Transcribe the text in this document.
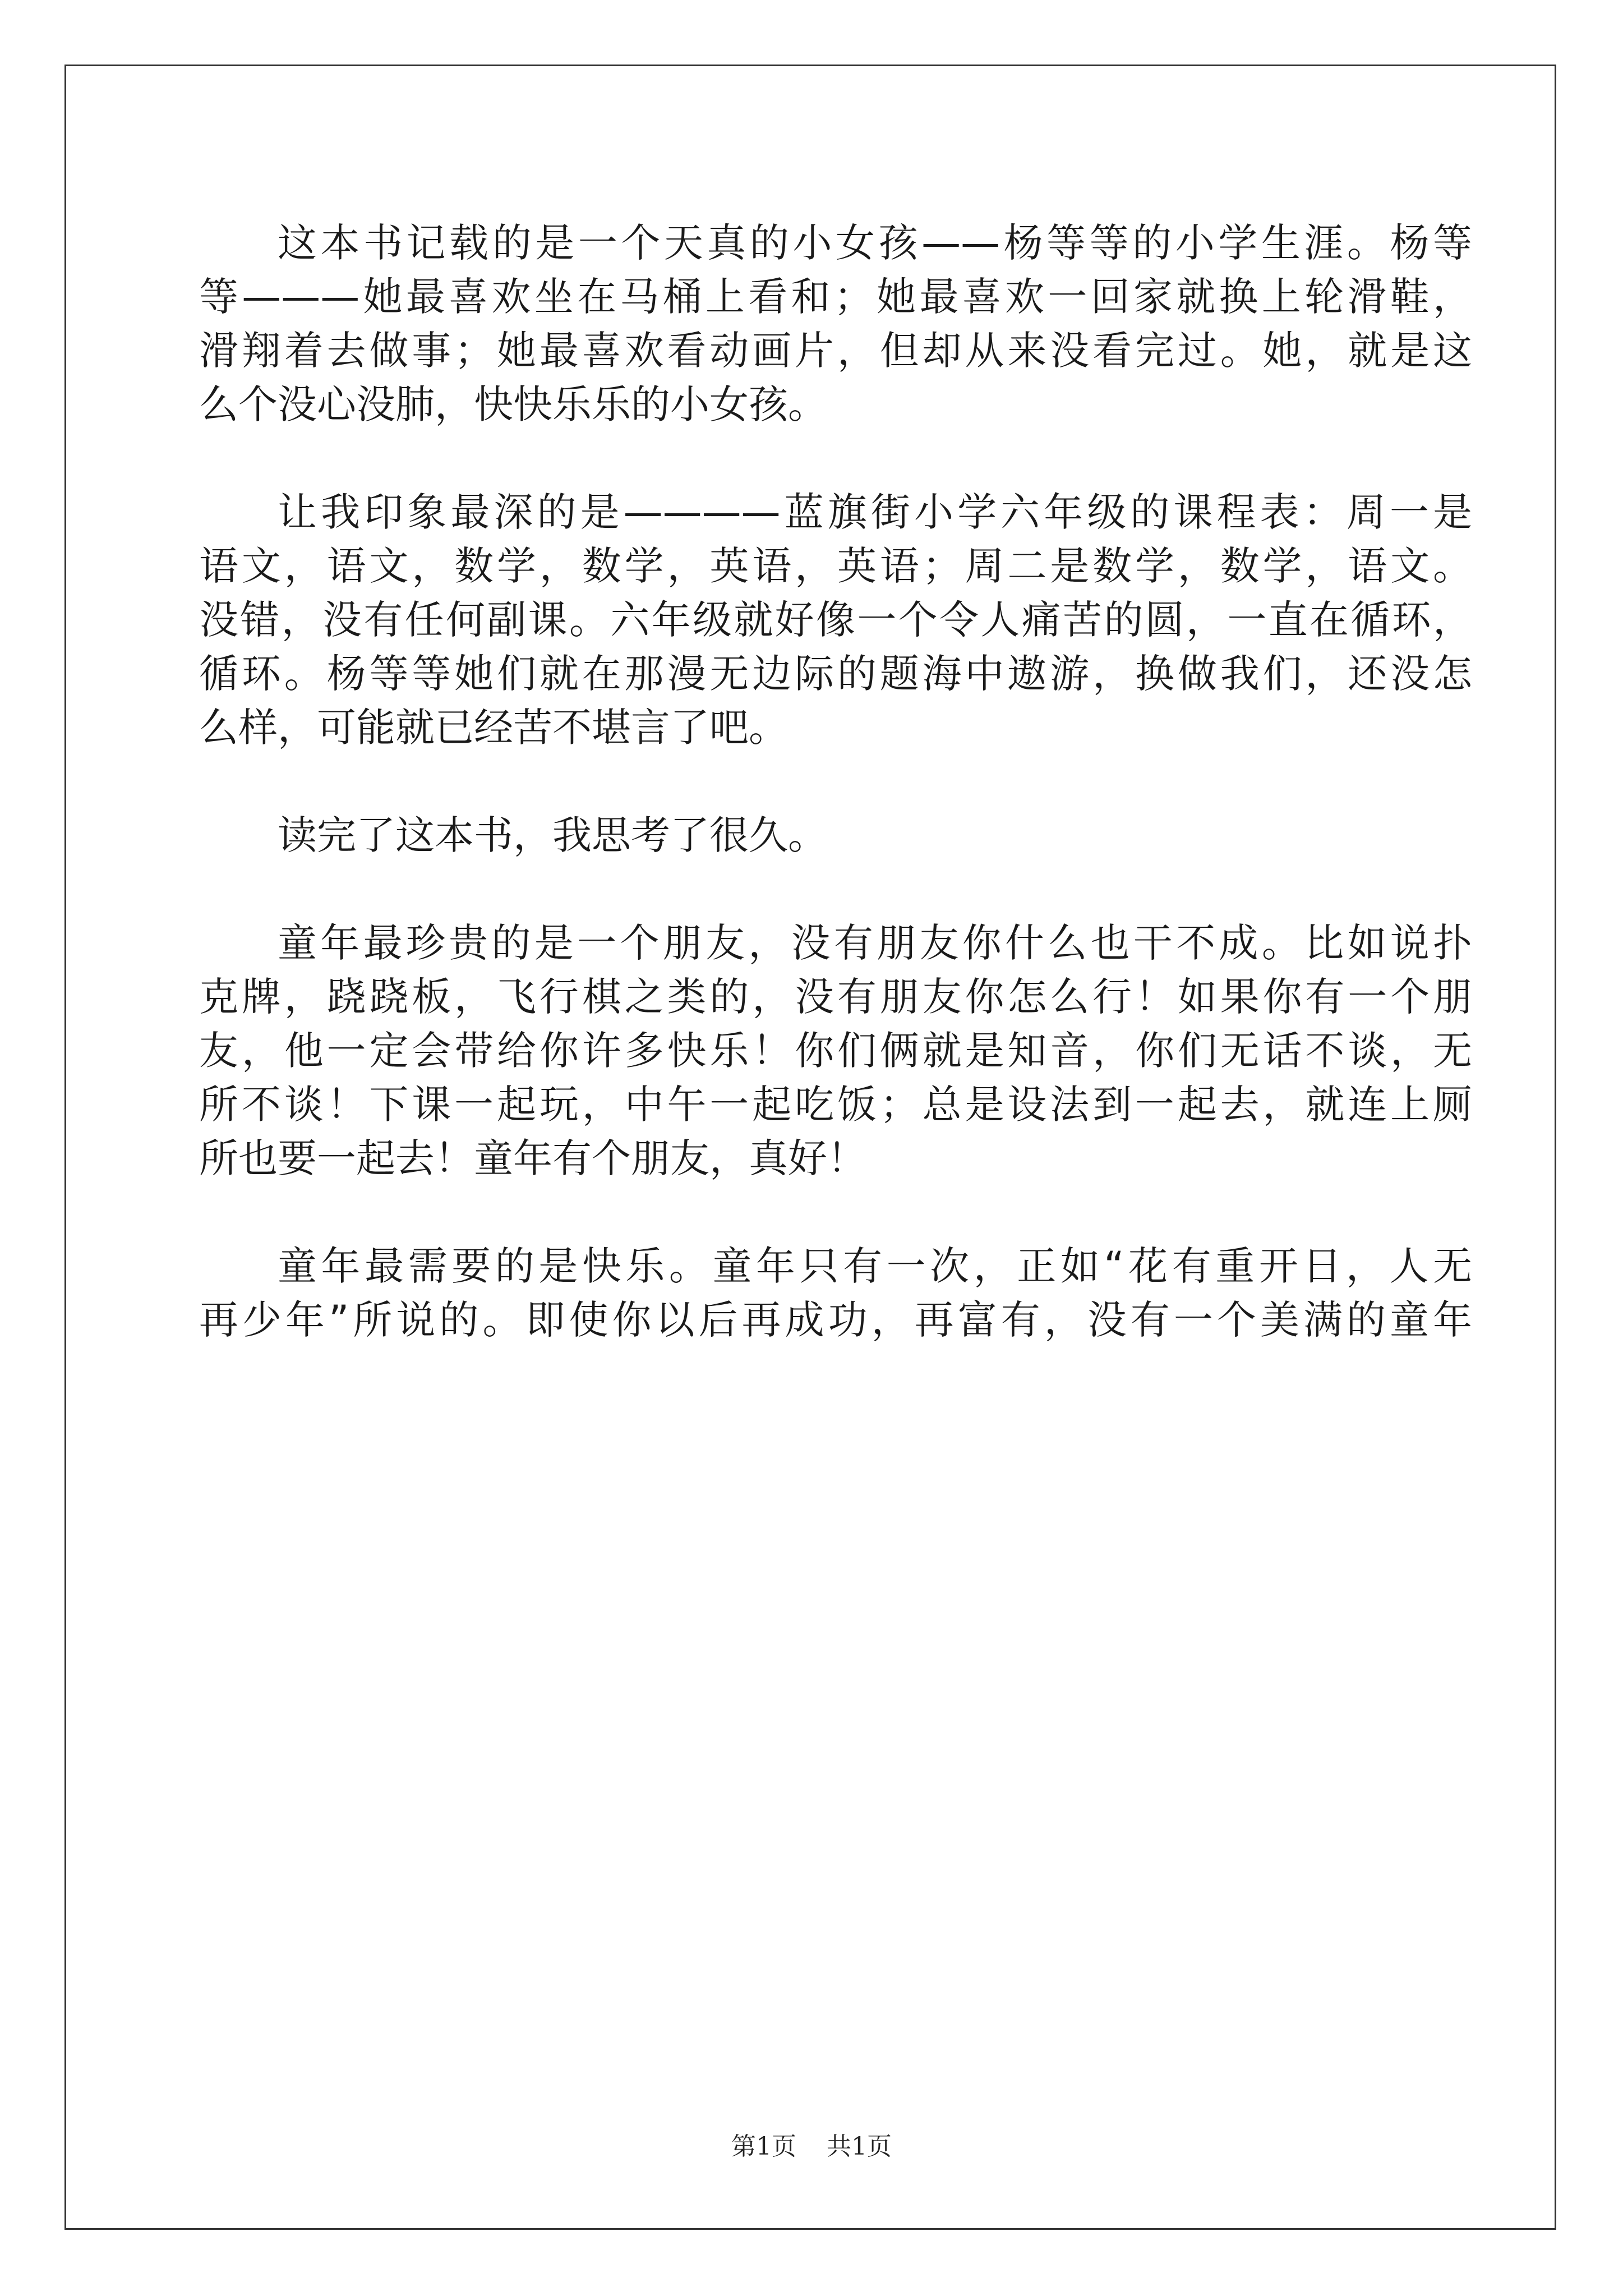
这本书记载的是一个天真的小女孩——杨等等的小学生涯。杨等
等———她最喜欢坐在马桶上看和；她最喜欢一回家就换上轮滑鞋，
滑翔着去做事；她最喜欢看动画片，但却从来没看完过。她，就是这
么个没心没肺，快快乐乐的小女孩。

让我印象最深的是————蓝旗街小学六年级的课程表：周一是
语文，语文，数学，数学，英语，英语；周二是数学，数学，语文。
没错，没有任何副课。六年级就好像一个令人痛苦的圆，一直在循环，
循环。杨等等她们就在那漫无边际的题海中遨游，换做我们，还没怎
么样，可能就已经苦不堪言了吧。

读完了这本书，我思考了很久。

童年最珍贵的是一个朋友，没有朋友你什么也干不成。比如说扑
克牌，跷跷板，飞行棋之类的，没有朋友你怎么行！如果你有一个朋
友，他一定会带给你许多快乐！你们俩就是知音，你们无话不谈，无
所不谈！下课一起玩，中午一起吃饭；总是设法到一起去，就连上厕
所也要一起去！童年有个朋友，真好！

童年最需要的是快乐。童年只有一次，正如“花有重开日，人无
再少年”所说的。即使你以后再成功，再富有，没有一个美满的童年

第1页 共1页
